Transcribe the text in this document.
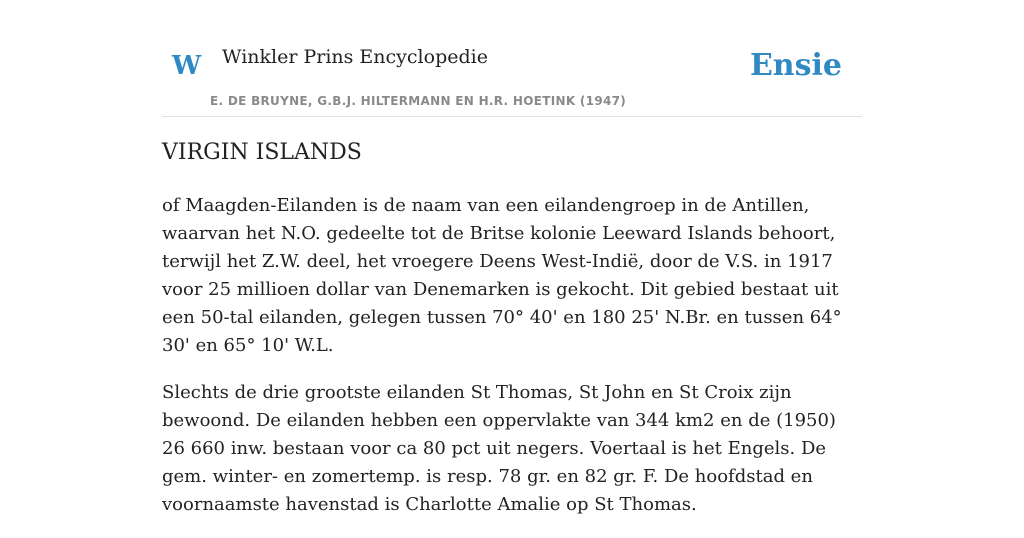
W Winkler Prins Encyclopedie
E. DE BRUYNE, G.B.J. HILTERMANN EN H.R. HOETINK (1947)
Ensie
VIRGIN ISLANDS

of Maagden-Eilanden is de naam van een eilandengroep in de Antillen, waarvan het N.O. gedeelte tot de Britse kolonie Leeward Islands behoort, terwijl het Z.W. deel, het vroegere Deens West-Indië, door de V.S. in 1917 voor 25 millioen dollar van Denemarken is gekocht. Dit gebied bestaat uit een 50-tal eilanden, gelegen tussen 70° 40' en 180 25' N.Br. en tussen 64° 30' en 65° 10' W.L.

Slechts de drie grootste eilanden St Thomas, St John en St Croix zijn bewoond. De eilanden hebben een oppervlakte van 344 km2 en de (1950) 26 660 inw. bestaan voor ca 80 pct uit negers. Voertaal is het Engels. De gem. winter- en zomertemp. is resp. 78 gr. en 82 gr. F. De hoofdstad en voornaamste havenstad is Charlotte Amalie op St Thomas.
